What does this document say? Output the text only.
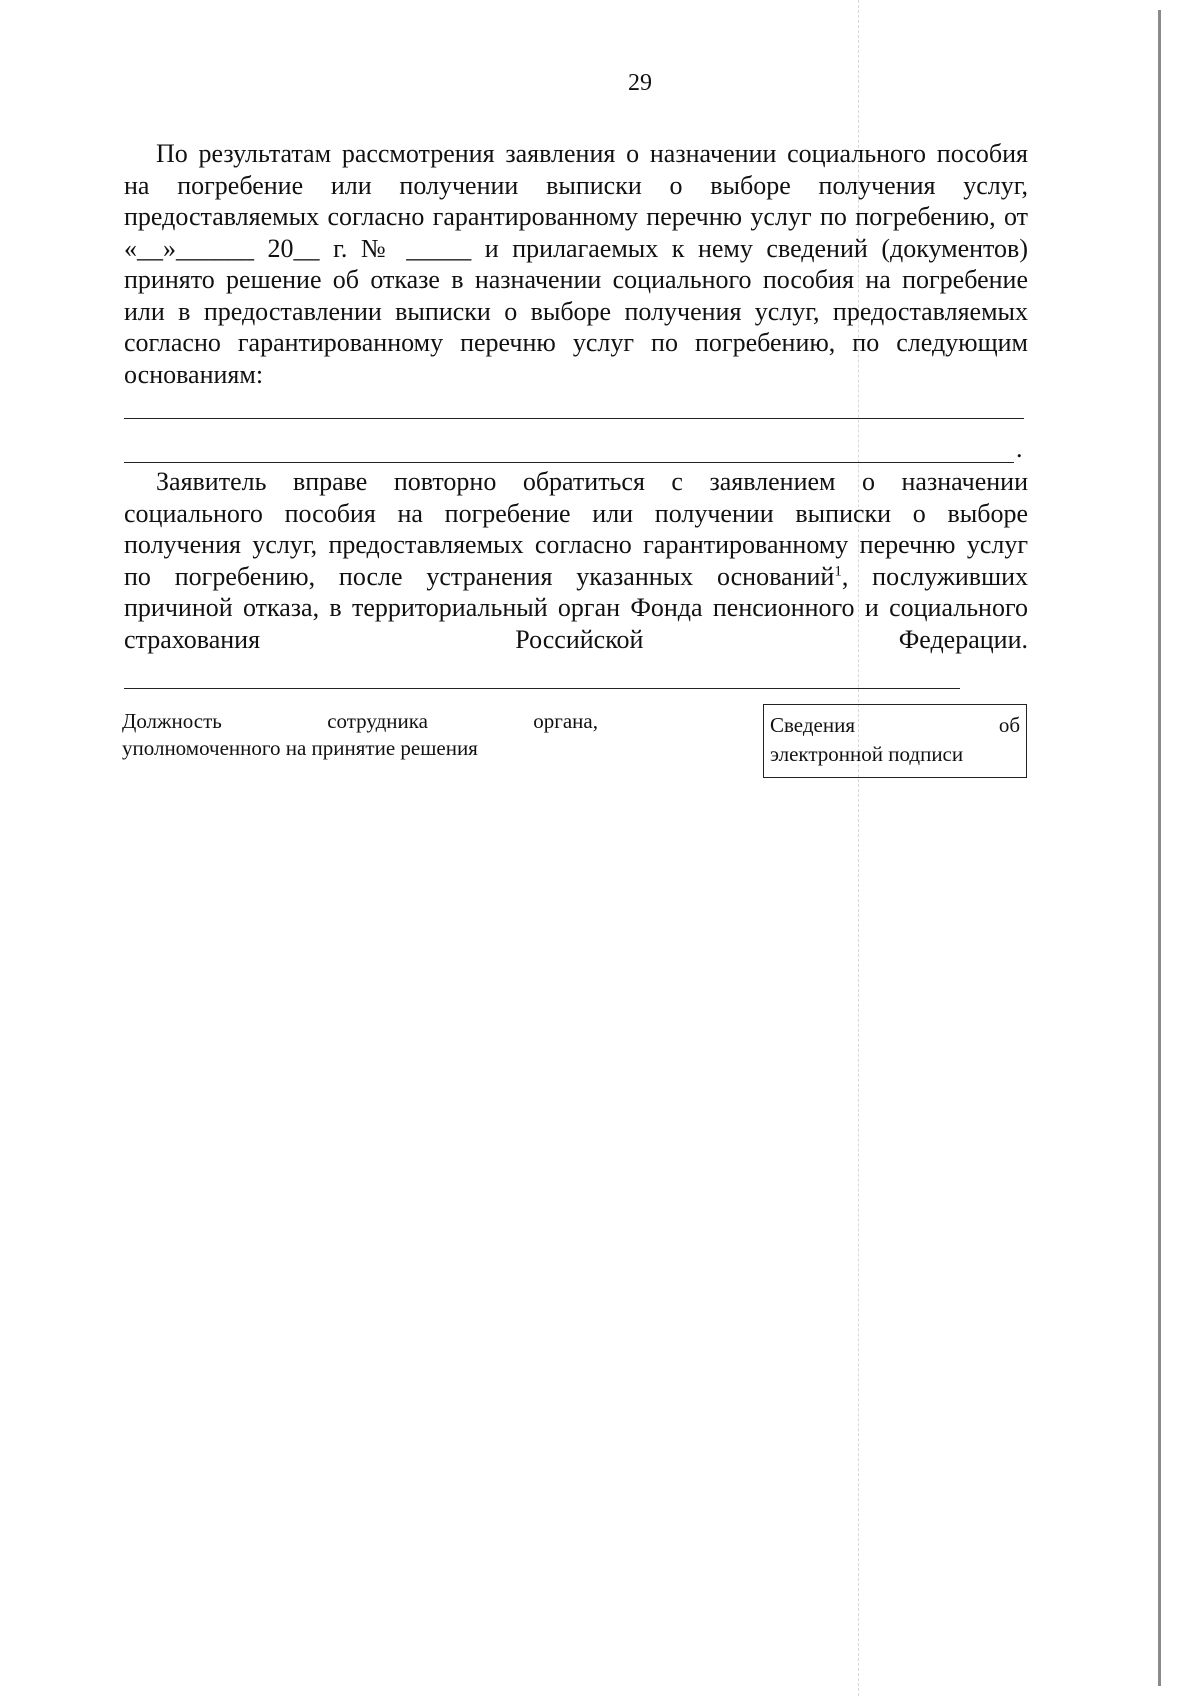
29

По результатам рассмотрения заявления о назначении социального пособия на погребение или получении выписки о выборе получения услуг, предоставляемых согласно гарантированному перечню услуг по погребению, от «__»______ 20__ г. № _____ и прилагаемых к нему сведений (документов) принято решение об отказе в назначении социального пособия на погребение или в предоставлении выписки о выборе получения услуг, предоставляемых согласно гарантированному перечню услуг по погребению, по следующим основаниям:

.

Заявитель вправе повторно обратиться с заявлением о назначении социального пособия на погребение или получении выписки о выборе получения услуг, предоставляемых согласно гарантированному перечню услуг по погребению, после устранения указанных оснований$^1$, послуживших причиной отказа, в территориальный орган Фонда пенсионного и социального страхования Российской Федерации.

Должность	сотрудника	органа,
уполномоченного на принятие решения
Сведения	об
электронной подписи
